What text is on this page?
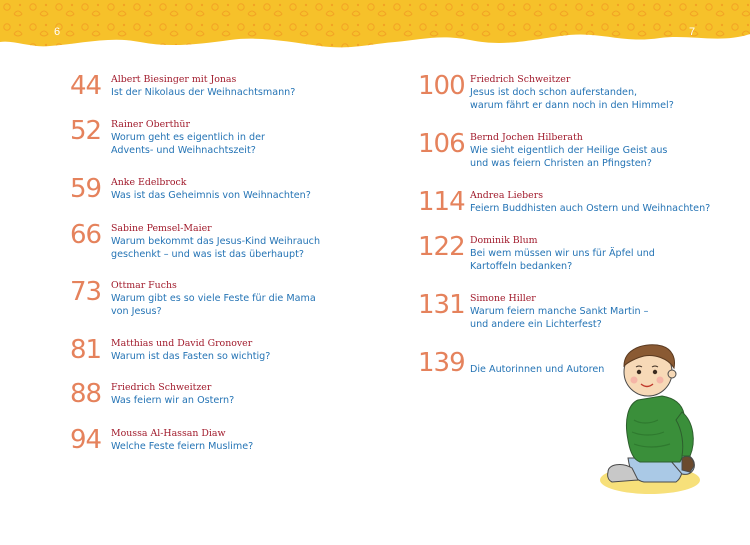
6	7
44 Albert Biesinger mit Jonas
Ist der Nikolaus der Weihnachtsmann?
52 Rainer Oberthür
Worum geht es eigentlich in der
Advents- und Weihnachtszeit?
59 Anke Edelbrock
Was ist das Geheimnis von Weihnachten?
66 Sabine Pemsel-Maier
Warum bekommt das Jesus-Kind Weihrauch
geschenkt – und was ist das überhaupt?
73 Ottmar Fuchs
Warum gibt es so viele Feste für die Mama
von Jesus?
81 Matthias und David Gronover
Warum ist das Fasten so wichtig?
88 Friedrich Schweitzer
Was feiern wir an Ostern?
94 Moussa Al-Hassan Diaw
Welche Feste feiern Muslime?
100 Friedrich Schweitzer
Jesus ist doch schon auferstanden,
warum fährt er dann noch in den Himmel?
106 Bernd Jochen Hilberath
Wie sieht eigentlich der Heilige Geist aus
und was feiern Christen an Pfingsten?
114 Andrea Liebers
Feiern Buddhisten auch Ostern und Weihnachten?
122 Dominik Blum
Bei wem müssen wir uns für Äpfel und
Kartoffeln bedanken?
131 Simone Hiller
Warum feiern manche Sankt Martin –
und andere ein Lichterfest?
139 Die Autorinnen und Autoren
